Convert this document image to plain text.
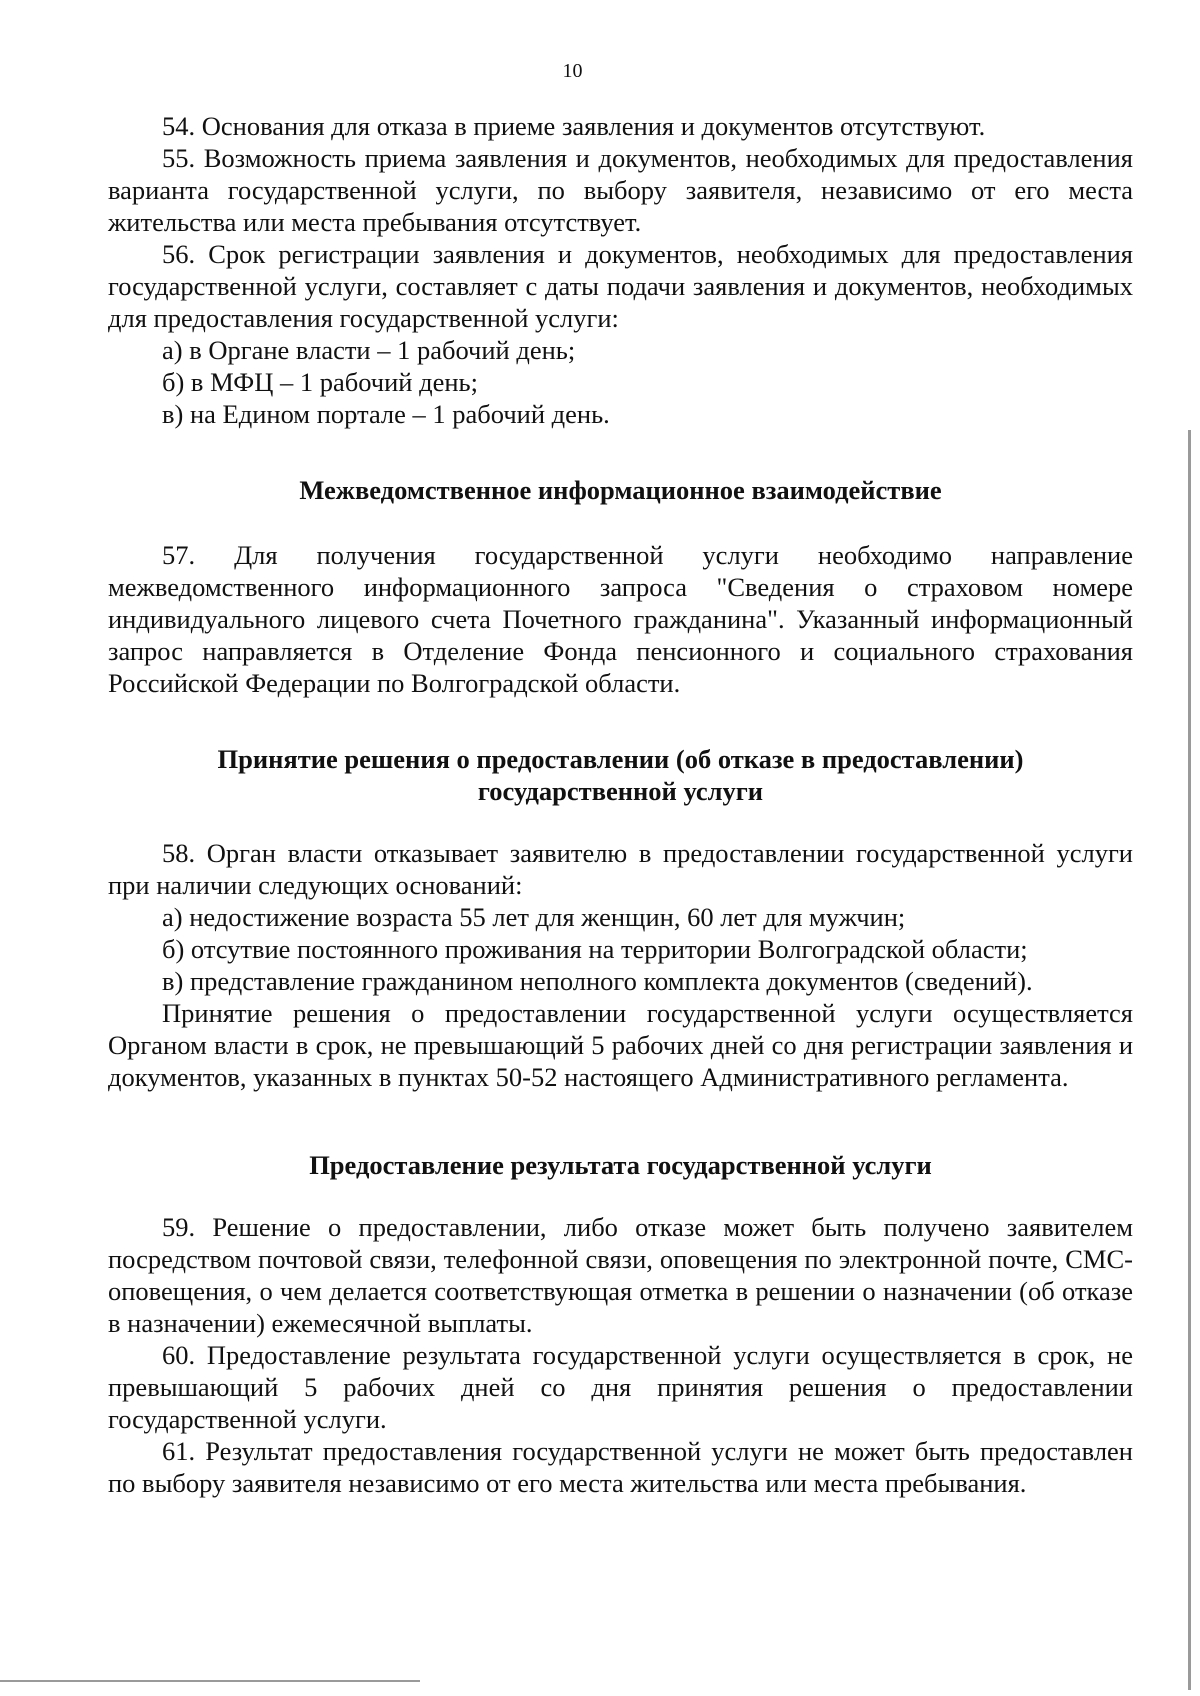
10

54. Основания для отказа в приеме заявления и документов отсутствуют.

55. Возможность приема заявления и документов, необходимых для предоставления варианта государственной услуги, по выбору заявителя, независимо от его места жительства или места пребывания отсутствует.

56. Срок регистрации заявления и документов, необходимых для предоставления государственной услуги, составляет с даты подачи заявления и документов, необходимых для предоставления государственной услуги:

а) в Органе власти – 1 рабочий день;

б) в МФЦ – 1 рабочий день;

в) на Едином портале – 1 рабочий день.

Межведомственное информационное взаимодействие

57. Для получения государственной услуги необходимо направление межведомственного информационного запроса "Сведения о страховом номере индивидуального лицевого счета Почетного гражданина". Указанный информационный запрос направляется в Отделение Фонда пенсионного и социального страхования Российской Федерации по Волгоградской области.

Принятие решения о предоставлении (об отказе в предоставлении)
государственной услуги

58. Орган власти отказывает заявителю в предоставлении государственной услуги при наличии следующих оснований:

а) недостижение возраста 55 лет для женщин, 60 лет для мужчин;

б) отсутвие постоянного проживания на территории Волгоградской области;

в) представление гражданином неполного комплекта документов (сведений).

Принятие решения о предоставлении государственной услуги осуществляется Органом власти в срок, не превышающий 5 рабочих дней со дня регистрации заявления и документов, указанных в пунктах 50-52 настоящего Административного регламента.

Предоставление результата государственной услуги

59. Решение о предоставлении, либо отказе может быть получено заявителем посредством почтовой связи, телефонной связи, оповещения по электронной почте, СМС-оповещения, о чем делается соответствующая отметка в решении о назначении (об отказе в назначении) ежемесячной выплаты.

60. Предоставление результата государственной услуги осуществляется в срок, не превышающий 5 рабочих дней со дня принятия решения о предоставлении государственной услуги.

61. Результат предоставления государственной услуги не может быть предоставлен по выбору заявителя независимо от его места жительства или места пребывания.
